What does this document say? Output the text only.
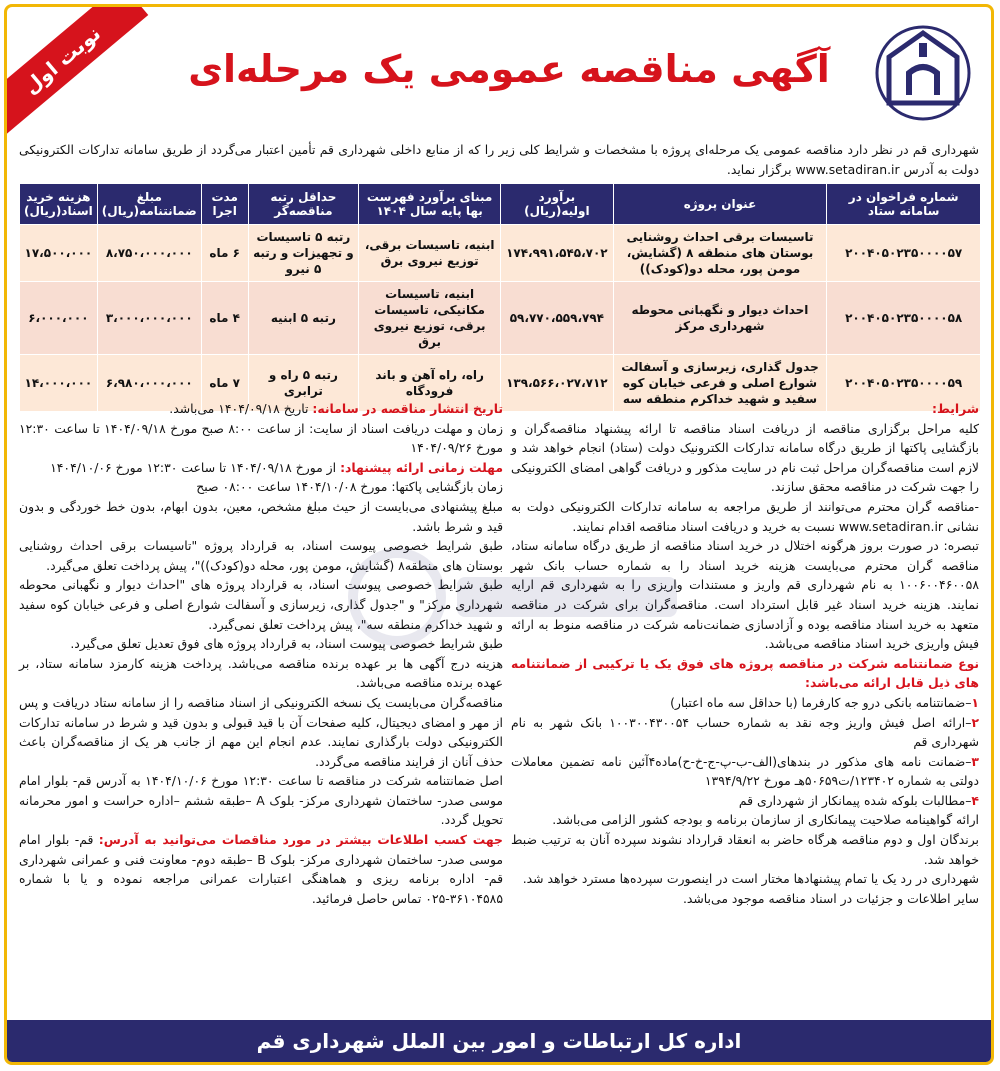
نوبت اول	آگهی مناقصه عمومی یک مرحله‌ای
شهرداری قم در نظر دارد مناقصه عمومی یک مرحله‌ای پروژه با مشخصات و شرایط کلی زیر را که از منابع داخلی شهرداری قم تأمین اعتبار می‌گردد از طریق سامانه تدارکات الکترونیکی دولت به آدرس www.setadiran.ir برگزار نماید.
شماره فراخوان در سامانه ستاد	عنوان پروژه	برآورد اولیه(ریال)	مبنای برآورد فهرست بها پایه سال ۱۴۰۴	حداقل رتبه مناقصه‌گر	مدت اجرا	مبلغ ضمانتنامه(ریال)	هزینه خرید اسناد(ریال)
۲۰۰۴۰۵۰۲۳۵۰۰۰۰۵۷	تاسیسات برقی احداث روشنایی بوستان های منطقه ۸ (گشایش، مومن پور، محله دو(کودک))	۱۷۴،۹۹۱،۵۴۵،۷۰۲	ابنیه، تاسیسات برقی، توزیع نیروی برق	رتبه ۵ تاسیسات و تجهیزات و رتبه ۵ نیرو	۶ ماه	۸،۷۵۰،۰۰۰،۰۰۰	۱۷،۵۰۰،۰۰۰
۲۰۰۴۰۵۰۲۳۵۰۰۰۰۵۸	احداث دیوار و نگهبانی محوطه شهرداری مرکز	۵۹،۷۷۰،۵۵۹،۷۹۴	ابنیه، تاسیسات مکانیکی، تاسیسات برقی، توزیع نیروی برق	رتبه ۵ ابنیه	۴ ماه	۳،۰۰۰،۰۰۰،۰۰۰	۶،۰۰۰،۰۰۰
۲۰۰۴۰۵۰۲۳۵۰۰۰۰۵۹	جدول گذاری، زیرسازی و آسفالت شوارع اصلی و فرعی خیابان کوه سفید و شهید خداکرم منطقه سه	۱۳۹،۵۶۶،۰۲۷،۷۱۲	راه، راه آهن و باند فرودگاه	رتبه ۵ راه و ترابری	۷ ماه	۶،۹۸۰،۰۰۰،۰۰۰	۱۴،۰۰۰،۰۰۰

شرایط:

کلیه مراحل برگزاری مناقصه از دریافت اسناد مناقصه تا ارائه پیشنهاد مناقصه‌گران و بازگشایی پاکتها از طریق درگاه سامانه تدارکات الکترونیک دولت (ستاد) انجام خواهد شد و لازم است مناقصه‌گران مراحل ثبت نام در سایت مذکور و دریافت گواهی امضای الکترونیکی را جهت شرکت در مناقصه محقق سازند.

-مناقصه گران محترم می‌توانند از طریق مراجعه به سامانه تدارکات الکترونیکی دولت به نشانی www.setadiran.ir نسبت به خرید و دریافت اسناد مناقصه اقدام نمایند.

تبصره: در صورت بروز هرگونه اختلال در خرید اسناد مناقصه از طریق درگاه سامانه ستاد، مناقصه گران محترم می‌بایست هزینه خرید اسناد را به شماره حساب بانک شهر ۱۰۰۶۰۰۴۶۰۰۵۸ به نام شهرداری قم واریز و مستندات واریزی را به شهرداری قم ارایه نمایند. هزینه خرید اسناد غیر قابل استرداد است. مناقصه‌گران برای شرکت در مناقصه متعهد به خرید اسناد مناقصه بوده و آزادسازی ضمانت‌نامه شرکت در مناقصه منوط به ارائه فیش واریزی خرید اسناد مناقصه می‌باشد.

نوع ضمانتنامه شرکت در مناقصه پروژه های فوق یک یا ترکیبی از ضمانتنامه های ذیل قابل ارائه می‌باشد:

۱–ضمانتنامه بانکی درو جه کارفرما (با حداقل سه ماه اعتبار)

۲–ارائه اصل فیش واریز وجه نقد به شماره حساب ۱۰۰۳۰۰۴۳۰۰۵۴ بانک شهر به نام شهرداری قم

۳–ضمانت نامه های مذکور در بندهای(الف-ب-پ-ج-خ-ح)ماده۴آئین نامه تضمین معاملات دولتی به شماره ۱۲۳۴۰۲/ت۵۰۶۵۹هـ مورخ ۱۳۹۴/۹/۲۲

۴–مطالبات بلوکه شده پیمانکار از شهرداری قم

ارائه گواهینامه صلاحیت پیمانکاری از سازمان برنامه و بودجه کشور الزامی می‌باشد.

برندگان اول و دوم مناقصه هرگاه حاضر به انعقاد قرارداد نشوند سپرده آنان به ترتیب ضبط خواهد شد.

شهرداری در رد یک یا تمام پیشنهادها مختار است در اینصورت سپرده‌ها مسترد خواهد شد.

سایر اطلاعات و جزئیات در اسناد مناقصه موجود می‌باشد.

تاریخ انتشار مناقصه در سامانه: تاریخ ۱۴۰۴/۰۹/۱۸ می‌باشد.

زمان و مهلت دریافت اسناد از سایت: از ساعت ۸:۰۰ صبح مورخ ۱۴۰۴/۰۹/۱۸ تا ساعت ۱۲:۳۰ مورخ ۱۴۰۴/۰۹/۲۶

مهلت زمانی ارائه پیشنهاد: از مورخ ۱۴۰۴/۰۹/۱۸ تا ساعت ۱۲:۳۰ مورخ ۱۴۰۴/۱۰/۰۶

زمان بازگشایی پاکتها: مورخ ۱۴۰۴/۱۰/۰۸ ساعت ۰۸:۰۰ صبح

مبلغ پیشنهادی می‌بایست از حیث مبلغ مشخص، معین، بدون ابهام، بدون خط خوردگی و بدون قید و شرط باشد.

طبق شرایط خصوصی پیوست اسناد، به قرارداد پروژه "تاسیسات برقی احداث روشنایی بوستان های منطقه۸ (گشایش، مومن پور، محله دو(کودک))"، پیش پرداخت تعلق می‌گیرد.

طبق شرایط خصوصی پیوست اسناد، به قرارداد پروژه های "احداث دیوار و نگهبانی محوطه شهرداری مرکز" و "جدول گذاری، زیرسازی و آسفالت شوارع اصلی و فرعی خیابان کوه سفید و شهید خداکرم منطقه سه"، پیش پرداخت تعلق نمی‌گیرد.

طبق شرایط خصوصی پیوست اسناد، به قرارداد پروژه های فوق تعدیل تعلق می‌گیرد.

هزینه درج آگهی ها بر عهده برنده مناقصه می‌باشد. پرداخت هزینه کارمزد سامانه ستاد، بر عهده برنده مناقصه می‌باشد.

مناقصه‌گران می‌بایست یک نسخه الکترونیکی از اسناد مناقصه را از سامانه ستاد دریافت و پس از مهر و امضای دیجیتال، کلیه صفحات آن با قید قبولی و بدون قید و شرط در سامانه تدارکات الکترونیکی دولت بارگذاری نمایند. عدم انجام این مهم از جانب هر یک از مناقصه‌گران باعث حذف آنان از فرایند مناقصه می‌گردد.

اصل ضمانتنامه شرکت در مناقصه تا ساعت ۱۲:۳۰ مورخ ۱۴۰۴/۱۰/۰۶ به آدرس قم- بلوار امام موسی صدر- ساختمان شهرداری مرکز- بلوک A –طبقه ششم –اداره حراست و امور محرمانه تحویل گردد.

جهت کسب اطلاعات بیشتر در مورد مناقصات می‌توانید به آدرس: قم- بلوار امام موسی صدر- ساختمان شهرداری مرکز- بلوک B –طبقه دوم- معاونت فنی و عمرانی شهرداری قم- اداره برنامه ریزی و هماهنگی اعتبارات عمرانی مراجعه نموده و یا با شماره ۳۶۱۰۴۵۸۵-۰۲۵ تماس حاصل فرمائید.

اداره کل ارتباطات و امور بین الملل شهرداری قم
